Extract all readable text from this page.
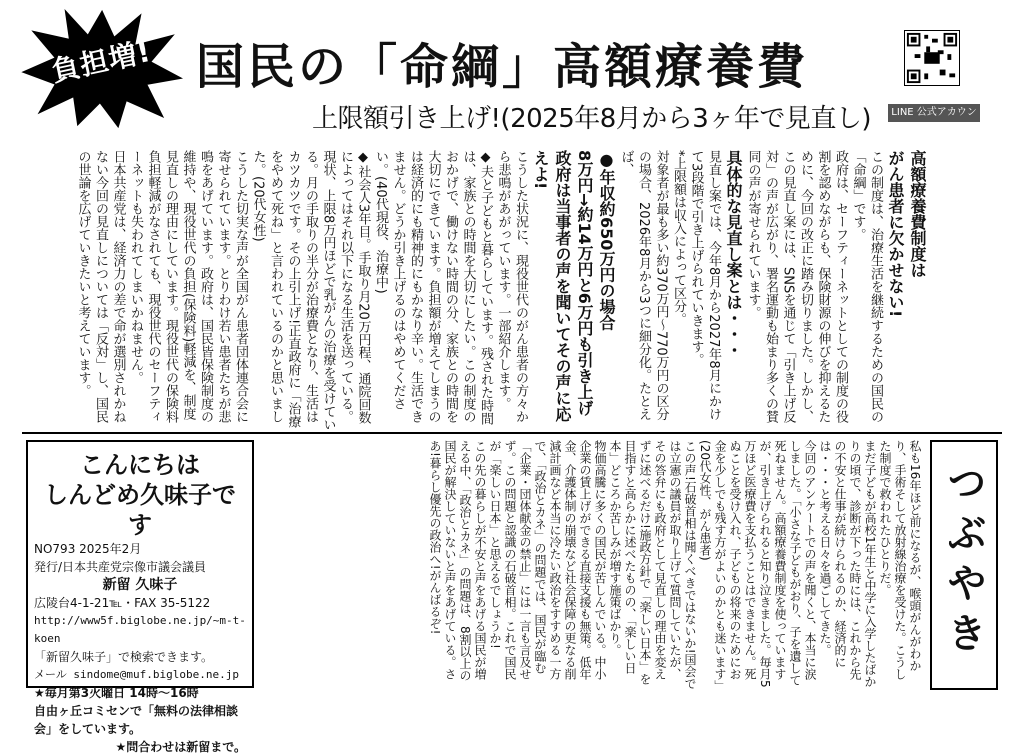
負担増! 国民の「命綱」高額療養費
上限額引き上げ!(2025年8月から3ヶ年で見直し)	LINE 公式アカウント

高額療養費制度は

がん患者に欠かせない!

この制度は、治療生活を継続するための国民の「命綱」です。

政府は、セーフティーネットとしての制度の役割を認めながらも、保険財源の伸びを抑えるために、今回の改正に踏み切りました。しかし、この見直し案には、SNSを通じて「引き上げ反対」の声が広がり、署名運動も始まり多くの賛同の声が寄せられています。

具体的な見直し案とは・・・

見直し案では、今年8月から2027年8月にかけて3段階で引き上げられていきます。

*上限額は収入によって区分。

対象者が最も多い約370万円〜770万円の区分の場合、2026年8月から3つに細分化。たとえば、

●年収約650万円の場合

8万円→約14万円と6万円も引き上げ

政府は当事者の声を聞いてその声に応えよ!

こうした状況に、現役世代のがん患者の方々から悲鳴があがっています。一部紹介します。

◆夫と子どもと暮らしています。残された時間は、家族との時間を大切にしたい。この制度のおかげで、働けない時間の分、家族との時間を大切にできています。負担額が増えてしまうのは経済的にも精神的にもかなり辛い。生活できません。どうか引き上げるのはやめてください。(40代現役、治療中)

◆社会人3年目。手取り月20万円程、通院回数によってはそれ以下になる生活を送っている。現状、上限8万円ほどで乳がんの治療を受けている。月の手取りの半分が治療費となり、生活はカツカツです。その上引上げ!正直政府に「治療をやめて死ね」と言われているのかと思いました。(20代女性)

こうした切実な声が全国がん患者団体連合会に寄せられています。とりわけ若い患者たちが悲鳴をあげています。政府は、国民皆保険制度の維持や、現役世代の負担(保険料)軽減を、制度見直しの理由にしています。現役世代の保険料負担軽減がなされても、現役世代のセーフティーネットも失われてしまいかねません。

日本共産党は、経済力の差で命が選別されかねない今回の見直しについては「反対」し、国民の世論を広げていきたいと考えています。

こんにちは
しんどめ久味子です
NO793 2025年2月
発行/日本共産党宗像市議会議員
新留 久味子
広陵台4-1-21℡・FAX 35-5122
http://www5f.biglobe.ne.jp/~m-t-koen
「新留久味子」で検索できます。
メール sindome@muf.biglobe.ne.jp
★毎月第3火曜日 14時〜16時
自由ヶ丘コミセンで「無料の法律相談会」をしています。
★問合わせは新留まで。

私も16年ほど前になるが、喉頭がんがわかり、手術そして放射線治療を受けた。こうした制度で救われたひとりだ。

まだ子どもが高校1年生と中学に入学したばかりの頃で、診断が下った時には、これから先の不安と仕事が続けられるのか、経済的には・・・と考える日々を過ごしてきた。

今回のアンケートでの声を聞くと、本当に涙しました。「小さな子どもがおり、子を遺して死ねません。高額療養費制度を使っていますが、引き上げられると知り泣きました。毎月5万ほど医療費を支払うことはできません。死ぬことを受け入れ、子どもの将来のためにお金を少しでも残す方がよいのかとも迷います」(20代女性、がん患者)

この声!石破首相は聞くべきではないか!国会では立憲の議員が取り上げて質問していたが、その答弁にも政府として見直しの理由を変えずに述べるだけ!施政方針で「楽しい日本」を目指すと高らかに述べたものの、「楽しい日本」どころか苦しみが増す施策ばかり。

物価高騰に多くの国民が苦しんでいる。中小企業の賃上げができる直接支援も無策。低年金、介護体制の崩壊など社会保障の更なる削減計画など本当に冷たい政治をすすめる一方で、「政治とカネ」の問題では、国民が臨む「企業・団体献金の禁止」には一言も言及せず。この問題と認識の石破首相。これで国民が「楽しい日本」と思えるでしょうか!

この先の暮らしが不安と声をあげる国民が増える中、「政治とカネ」の問題は、8割以上の国民が解決していないと声をあげている。さあ!暮らし優先の政治へ!がんばるぞ!	つぶやき
